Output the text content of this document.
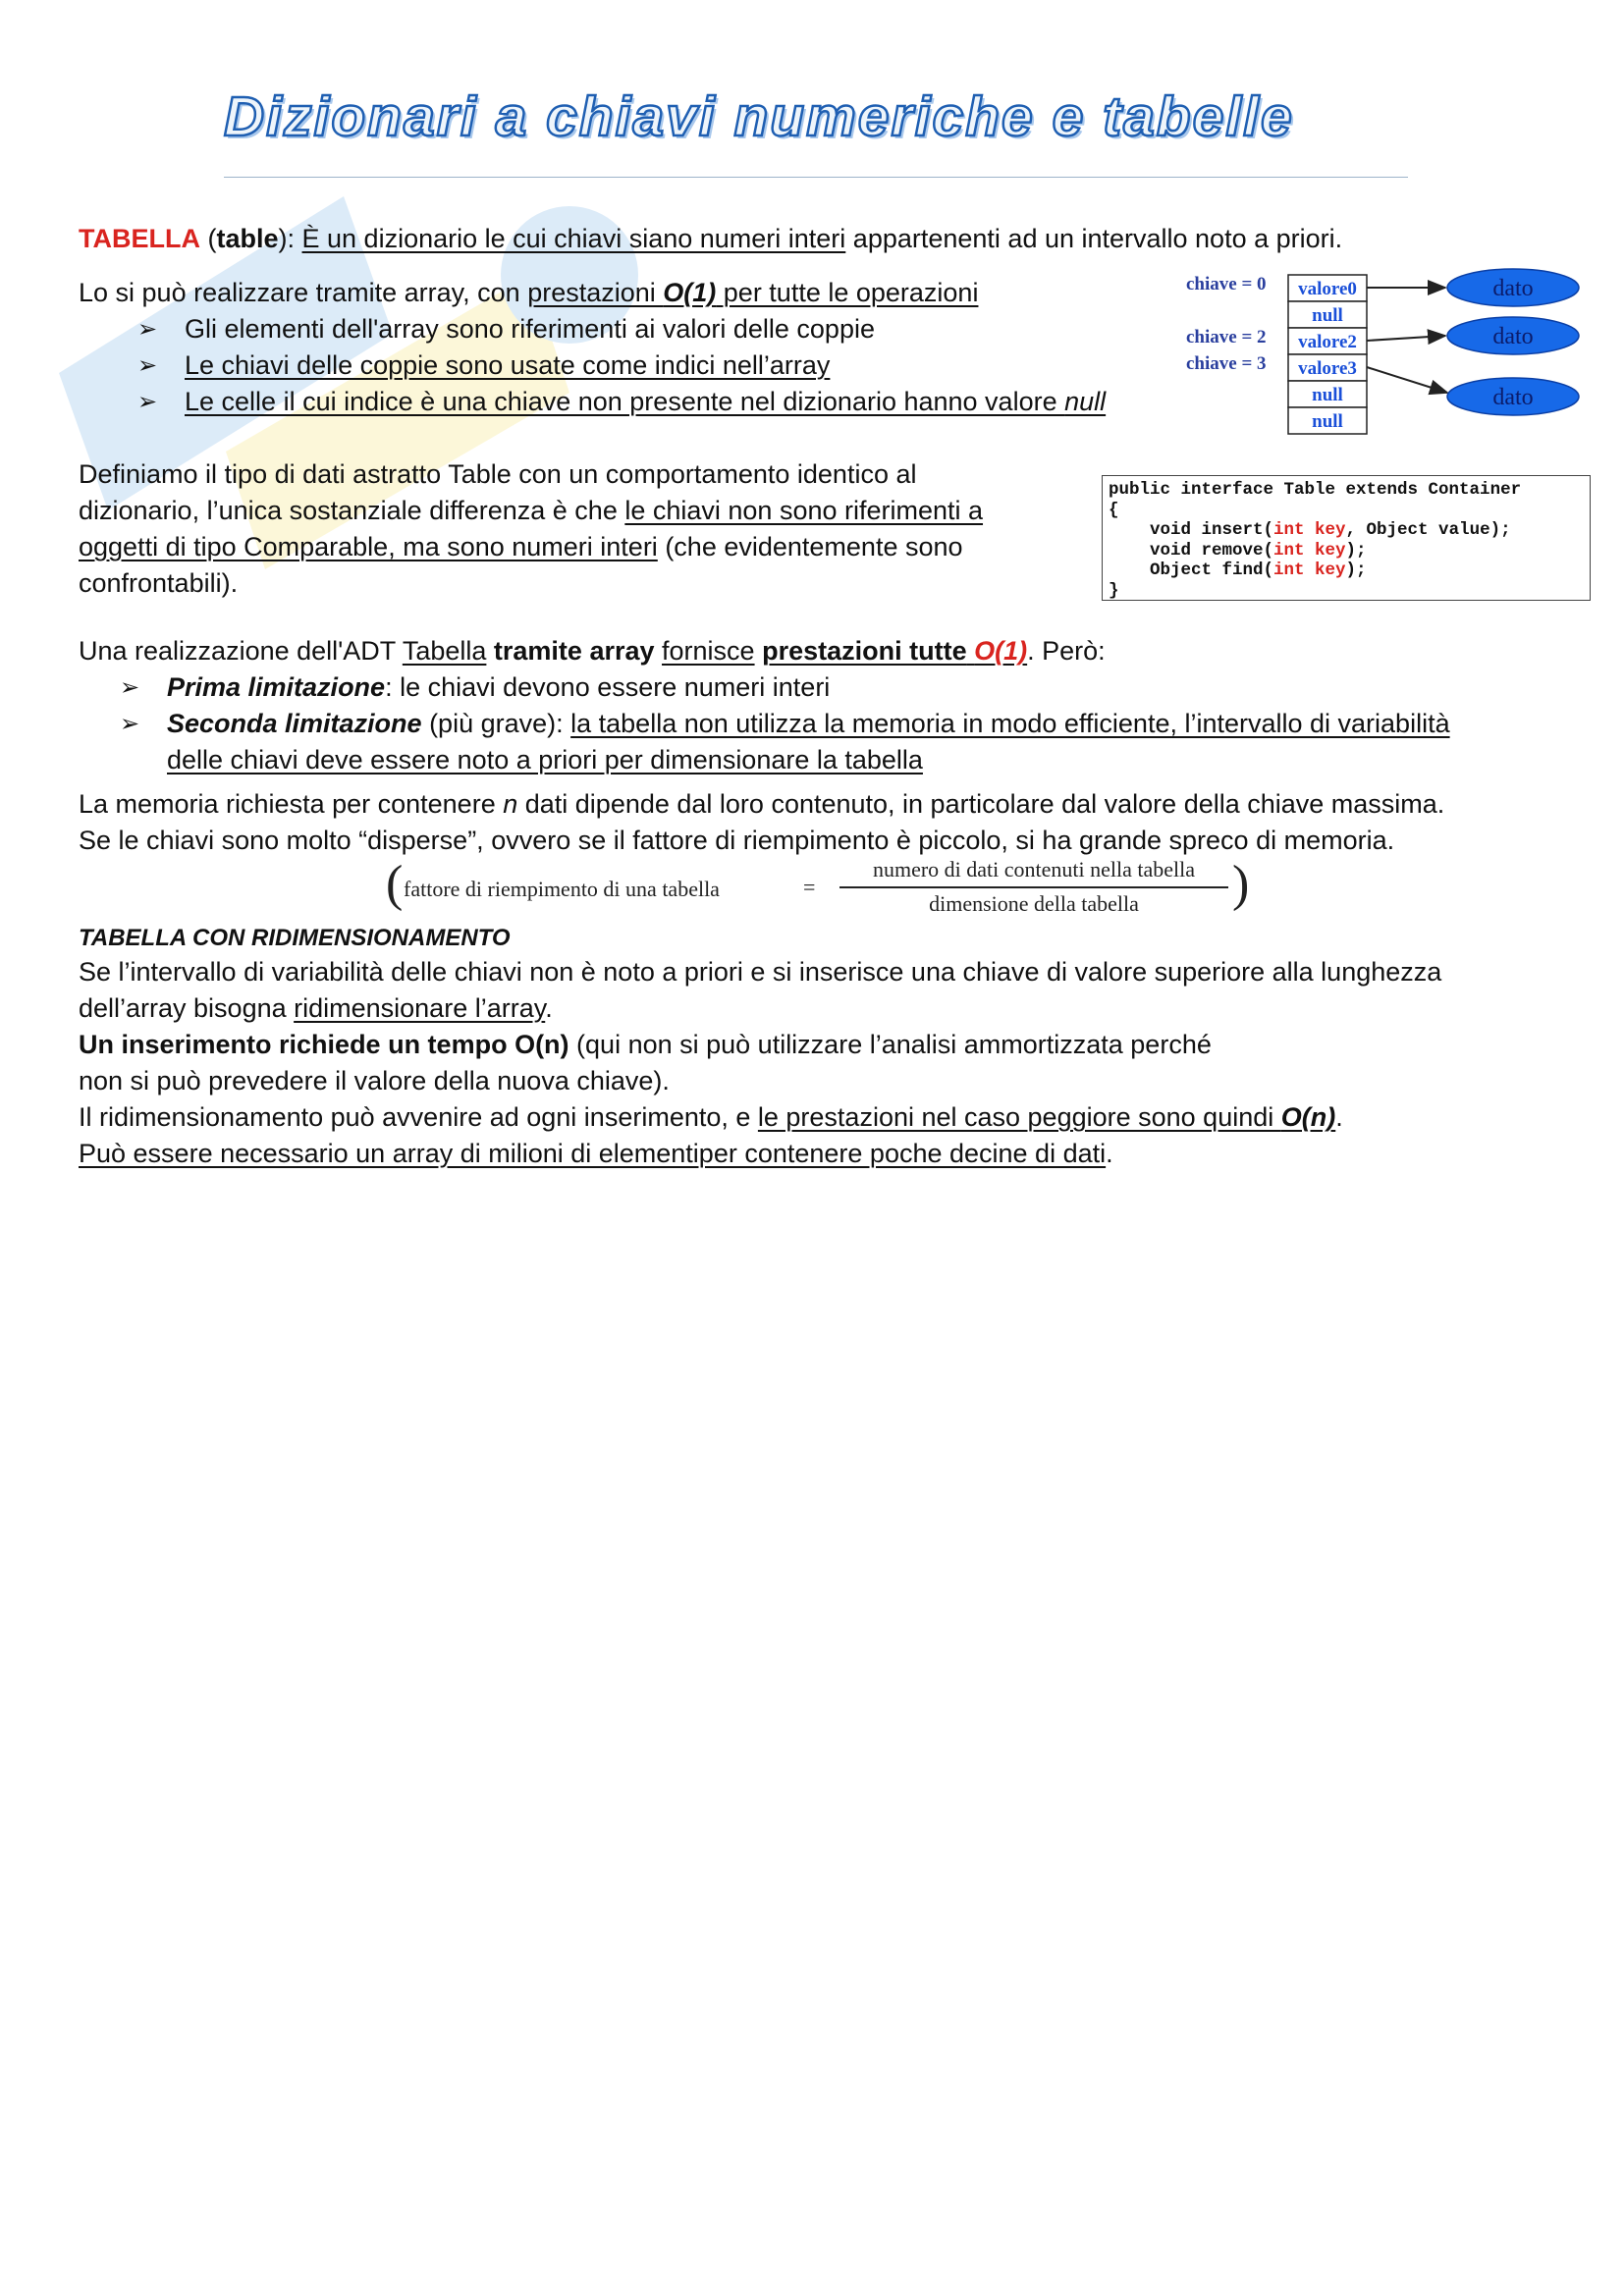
Dizionari a chiavi numeriche e tabelle
TABELLA (table): È un dizionario le cui chiavi siano numeri interi appartenenti ad un intervallo noto a priori.
Lo si può realizzare tramite array, con prestazioni O(1) per tutte le operazioni
➢ Gli elementi dell'array sono riferimenti ai valori delle coppie
➢ Le chiavi delle coppie sono usate come indici nell’array
➢ Le celle il cui indice è una chiave non presente nel dizionario hanno valore null
chiave = 0
chiave = 2
chiave = 3
valore0
null
valore2
valore3
null
null
dato
dato
dato
Definiamo il tipo di dati astratto Table con un comportamento identico al
dizionario, l’unica sostanziale differenza è che le chiavi non sono riferimenti a
oggetti di tipo Comparable, ma sono numeri interi (che evidentemente sono
confrontabili).
public interface Table extends Container
{
void insert(int key, Object value);
void remove(int key);
Object find(int key);
}
Una realizzazione dell'ADT Tabella tramite array fornisce prestazioni tutte O(1). Però:
➢ Prima limitazione: le chiavi devono essere numeri interi
➢ Seconda limitazione (più grave): la tabella non utilizza la memoria in modo efficiente, l’intervallo di variabilità
delle chiavi deve essere noto a priori per dimensionare la tabella
La memoria richiesta per contenere n dati dipende dal loro contenuto, in particolare dal valore della chiave massima.
Se le chiavi sono molto “disperse”, ovvero se il fattore di riempimento è piccolo, si ha grande spreco di memoria.
( fattore di riempimento di una tabella	=
numero di dati contenuti nella tabella
dimensione della tabella	)
TABELLA CON RIDIMENSIONAMENTO
Se l’intervallo di variabilità delle chiavi non è noto a priori e si inserisce una chiave di valore superiore alla lunghezza
dell’array bisogna ridimensionare l’array.
Un inserimento richiede un tempo O(n) (qui non si può utilizzare l’analisi ammortizzata perché
non si può prevedere il valore della nuova chiave).
Il ridimensionamento può avvenire ad ogni inserimento, e le prestazioni nel caso peggiore sono quindi O(n).
Può essere necessario un array di milioni di elementiper contenere poche decine di dati.
